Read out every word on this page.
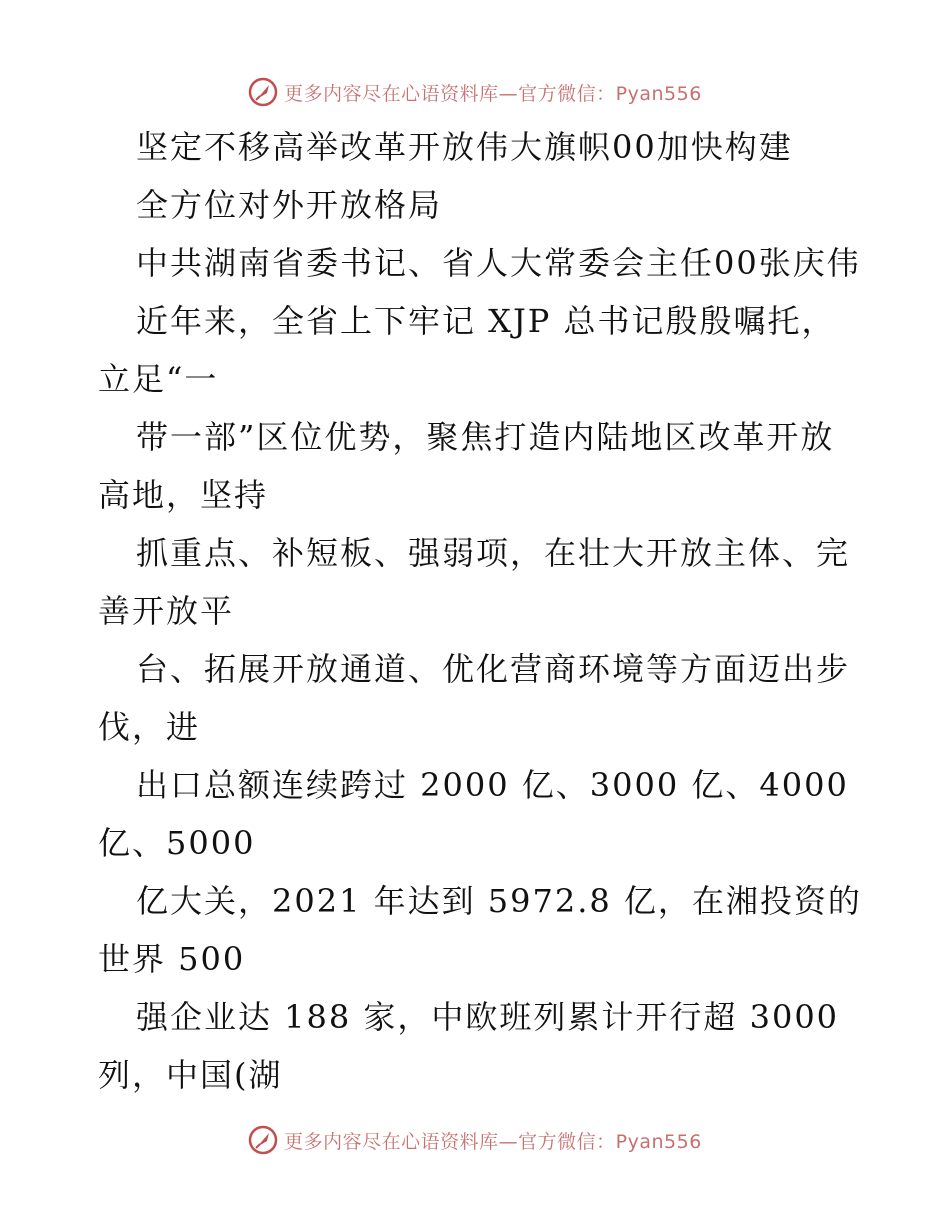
更多内容尽在心语资料库—官方微信：Pyan556
坚定不移高举改革开放伟大旗帜00加快构建
全方位对外开放格局
中共湖南省委书记、省人大常委会主任00张庆伟
近年来，全省上下牢记 XJP 总书记殷殷嘱托，
立足“一
带一部”区位优势，聚焦打造内陆地区改革开放
高地，坚持
抓重点、补短板、强弱项，在壮大开放主体、完
善开放平
台、拓展开放通道、优化营商环境等方面迈出步
伐，进
出口总额连续跨过 2000 亿、3000 亿、4000
亿、5000
亿大关，2021 年达到 5972.8 亿，在湘投资的
世界 500
强企业达 188 家，中欧班列累计开行超 3000
列，中国(湖
更多内容尽在心语资料库—官方微信：Pyan556
